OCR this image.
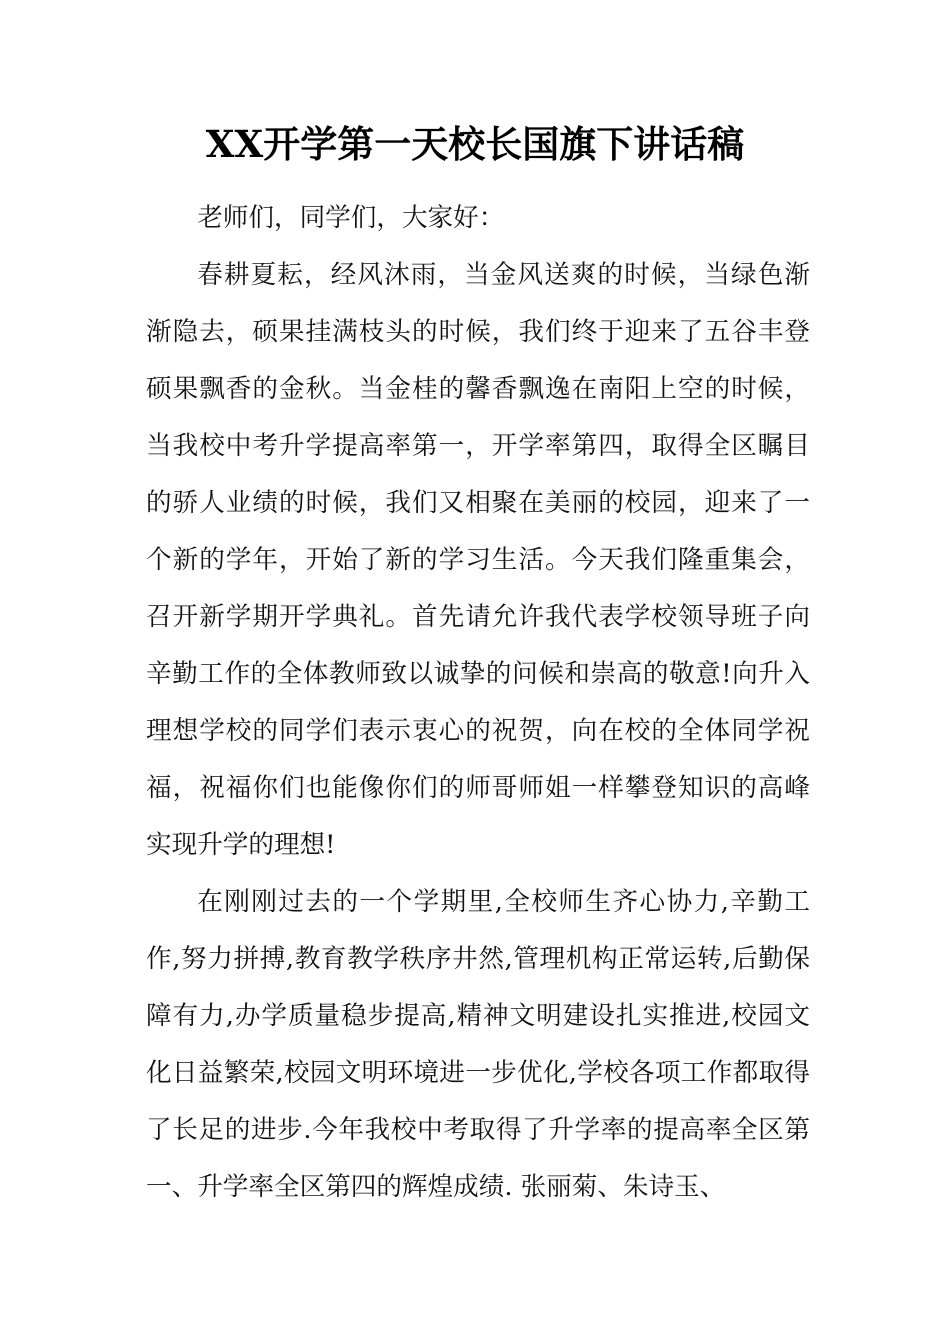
XX开学第一天校长国旗下讲话稿

老师们，同学们，大家好：

春耕夏耘，经风沐雨，当金风送爽的时候，当绿色渐渐隐去，硕果挂满枝头的时候，我们终于迎来了五谷丰登硕果飘香的金秋。当金桂的馨香飘逸在南阳上空的时候，当我校中考升学提高率第一，开学率第四，取得全区瞩目的骄人业绩的时候，我们又相聚在美丽的校园，迎来了一个新的学年，开始了新的学习生活。今天我们隆重集会，召开新学期开学典礼。首先请允许我代表学校领导班子向辛勤工作的全体教师致以诚挚的问候和崇高的敬意!向升入理想学校的同学们表示衷心的祝贺，向在校的全体同学祝福，祝福你们也能像你们的师哥师姐一样攀登知识的高峰实现升学的理想!

在刚刚过去的一个学期里,全校师生齐心协力,辛勤工作,努力拼搏,教育教学秩序井然,管理机构正常运转,后勤保障有力,办学质量稳步提高,精神文明建设扎实推进,校园文化日益繁荣,校园文明环境进一步优化,学校各项工作都取得了长足的进步.今年我校中考取得了升学率的提高率全区第一、升学率全区第四的辉煌成绩. 张丽菊、朱诗玉、
